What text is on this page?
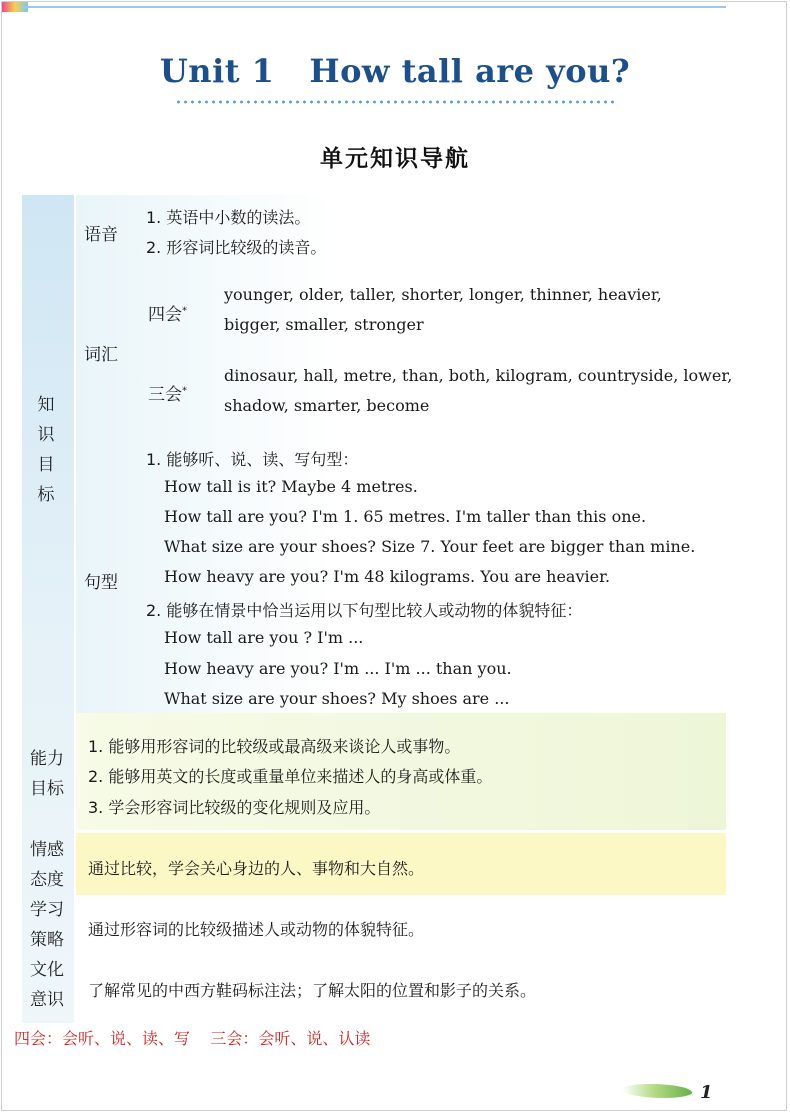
Unit 1   How tall are you?
单元知识导航
知
识
目
标
语音
1. 英语中小数的读法。
2. 形容词比较级的读音。
词汇
四会*
younger, older, taller, shorter, longer, thinner, heavier,
bigger, smaller, stronger
三会*
dinosaur, hall, metre, than, both, kilogram, countryside, lower,
shadow, smarter, become
句型
1. 能够听、说、读、写句型：
How tall is it? Maybe 4 metres.
How tall are you? I'm 1. 65 metres. I'm taller than this one.
What size are your shoes? Size 7. Your feet are bigger than mine.
How heavy are you? I'm 48 kilograms. You are heavier.
2. 能够在情景中恰当运用以下句型比较人或动物的体貌特征：
How tall are you ? I'm ...
How heavy are you? I'm ... I'm ... than you.
What size are your shoes? My shoes are ...
能力
目标
1. 能够用形容词的比较级或最高级来谈论人或事物。
2. 能够用英文的长度或重量单位来描述人的身高或体重。
3. 学会形容词比较级的变化规则及应用。
情感
态度
通过比较，学会关心身边的人、事物和大自然。
学习
策略
通过形容词的比较级描述人或动物的体貌特征。
文化
意识	了解常见的中西方鞋码标注法；了解太阳的位置和影子的关系。
四会：会听、说、读、写    三会：会听、说、认读
1
